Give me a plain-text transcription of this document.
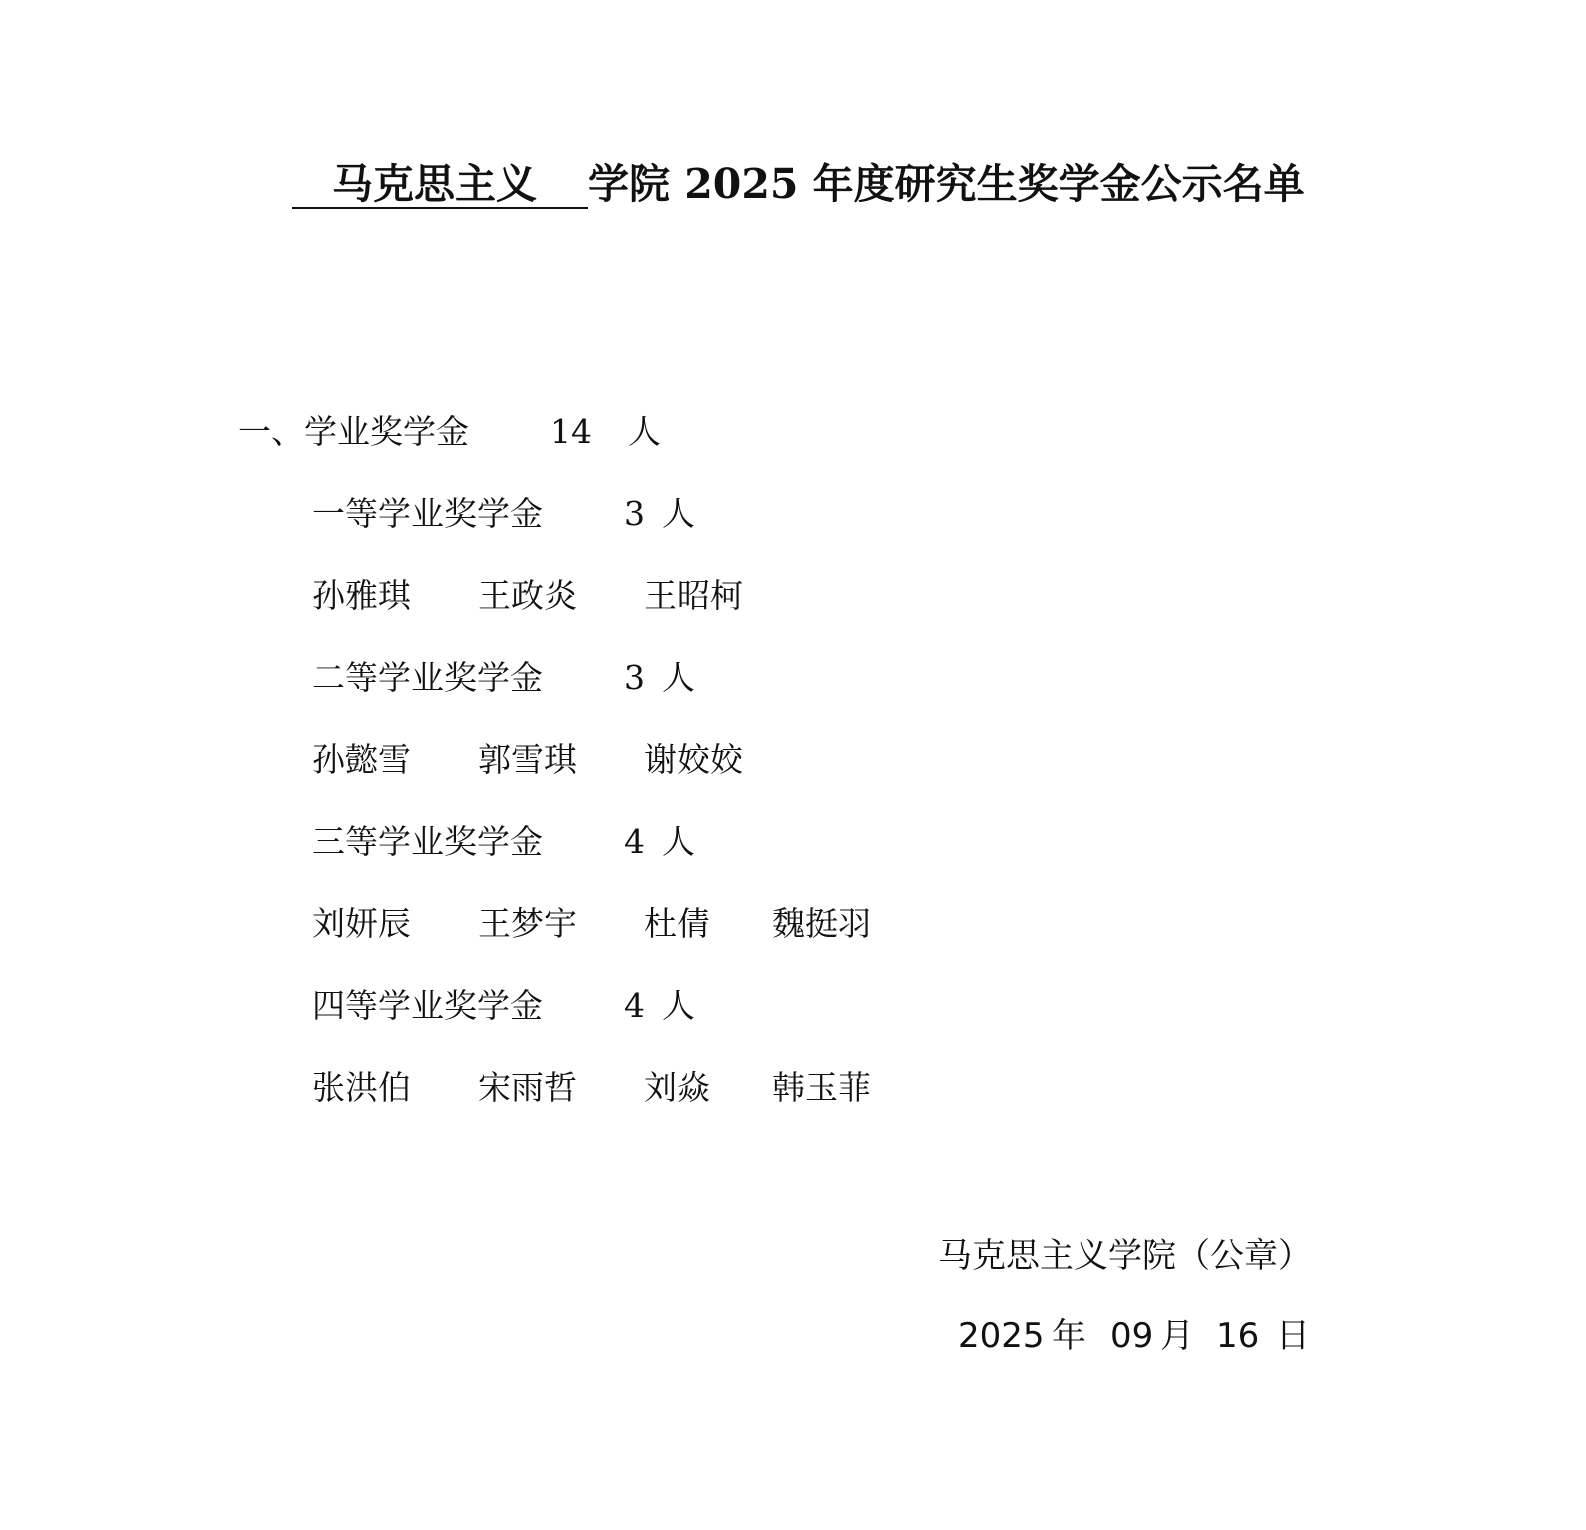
马克思主义 学院 2025 年度研究生奖学金公示名单
一、学业奖学金 14 人
一等学业奖学金 3 人
孙雅琪 王政炎 王昭柯
二等学业奖学金 3 人
孙懿雪 郭雪琪 谢姣姣
三等学业奖学金 4 人
刘妍辰 王梦宇 杜倩 魏挺羽
四等学业奖学金 4 人
张洪伯 宋雨哲 刘焱 韩玉菲
马克思主义学院（公章）
2025 年 09 月 16 日
